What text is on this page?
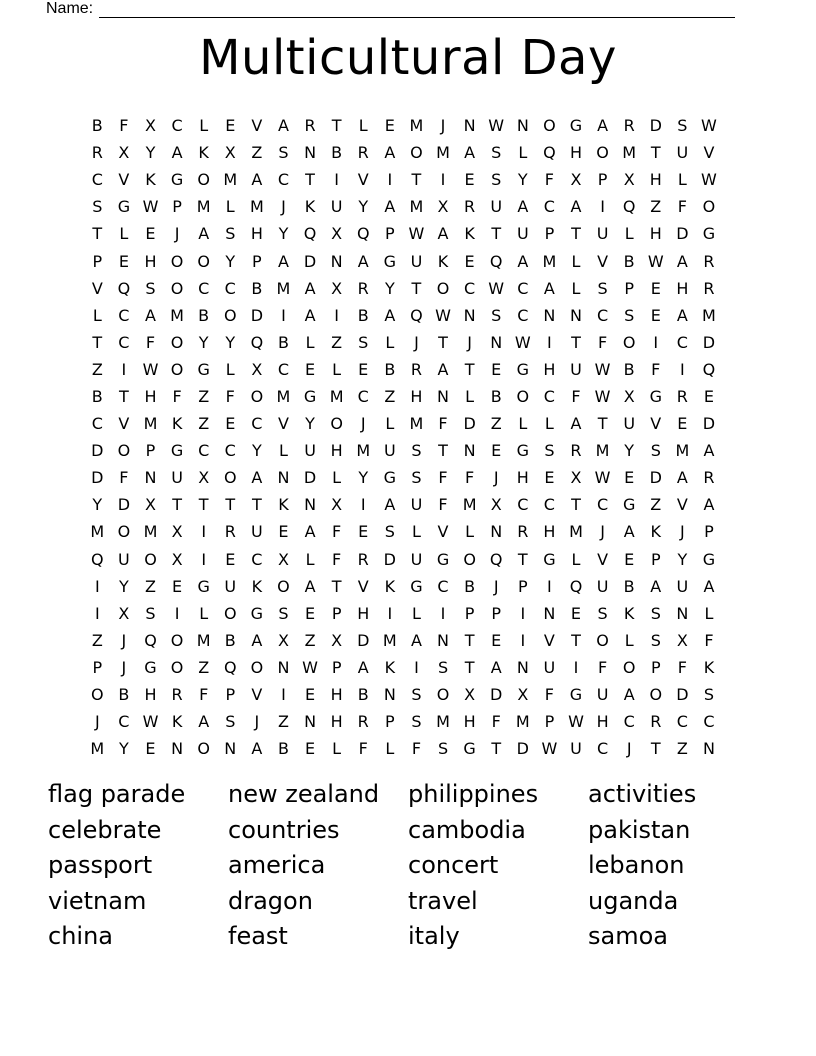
Name:
Multicultural Day
B	F	X C	L	E	V A R	T	L	E M	J	N W N O G A R D S W
R X	Y	A K X Z	S N B R A O M A	S	L Q H O M T U V
C V K G O M A C	T	I	V	I	T	I	E	S	Y	F	X	P	X H	L W
S G W P M L M	J	K U Y	A M X R U A C A	I	Q Z	F O
T	L	E	J	A	S H Y Q X Q P W A K	T U P	T U	L	H D G
P	E H O O Y	P	A D N A G U K	E Q A M L	V B W A R
V Q S O C C B M A X R	Y	T O C W C A	L	S	P	E H R
L	C A M B O D	I	A	I	B A Q W N S C N N C S	E	A M
T	C	F O Y	Y Q B	L	Z	S	L	J	T	J	N W	I	T	F O	I	C D
Z	I	W O G L	X C E	L	E	B R A	T	E G H U W B	F	I	Q
B	T H F	Z	F O M G M C Z H N	L	B O C	F W X G R E
C V M K Z	E C V	Y O	J	L M F D Z	L	L	A	T U V	E D
D O P G C C	Y	L	U H M U S	T N E G S R M Y	S M A
D F	N U X O A N D L	Y G S	F	F	J	H E	X W E D A R
Y D X	T	T	T	T	K N X	I	A U	F M X C C	T	C G Z V A
M O M X	I	R U E	A	F	E	S	L	V	L	N R H M	J	A K	J	P
Q U O X	I	E C X	L	F	R D U G O Q T G L	V	E	P	Y G
I	Y	Z	E G U K O A	T	V K G C B	J	P	I	Q U B A U A
I	X	S	I	L O G S	E	P H	I	L	I	P	P	I	N E	S	K	S N	L
Z	J	Q O M B A X Z X D M A N T	E	I	V	T O L	S	X	F
P	J	G O Z Q O N W P	A K	I	S	T	A N U	I	F O P	F	K
O B H R	F	P	V	I	E H B N S O X D X	F G U A O D S
J	C W K A	S	J	Z N H R	P	S M H F M P W H C R C C
M Y	E N O N A B	E	L	F	L	F	S G T D W U C	J	T	Z N
flag parade	new zealand	philippines	activities
celebrate	countries	cambodia	pakistan
passport	america	concert	lebanon
vietnam	dragon	travel	uganda
china	feast	italy	samoa
